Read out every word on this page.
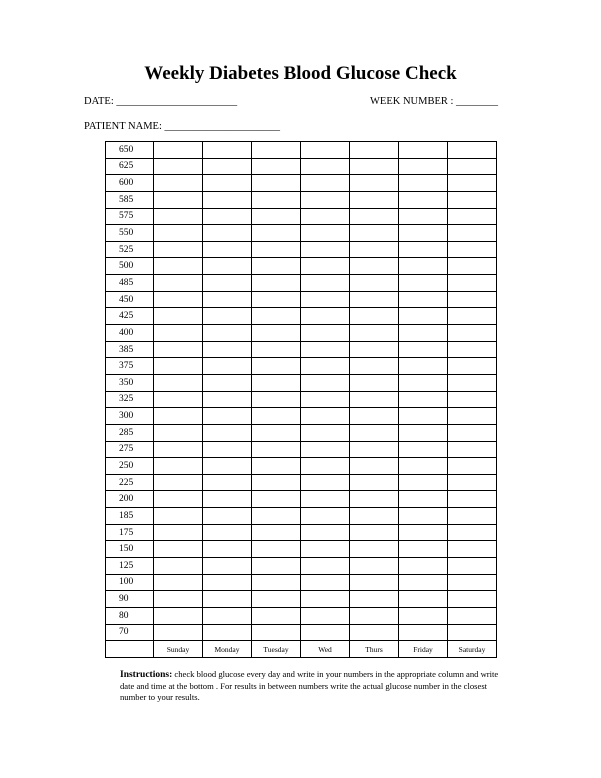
Weekly Diabetes Blood Glucose Check
DATE: _______________________	WEEK NUMBER : ________
PATIENT NAME: ______________________
650							
625							
600							
585							
575							
550							
525							
500							
485							
450							
425							
400							
385							
375							
350							
325							
300							
285							
275							
250							
225							
200							
185							
175							
150							
125							
100							
90							
80							
70							
	Sunday	Monday	Tuesday	Wed	Thurs	Friday	Saturday
Instructions: check blood glucose every day and write in your numbers in the appropriate column and write date and time at the bottom . For results in between numbers write the actual glucose number in the closest number to your results.
